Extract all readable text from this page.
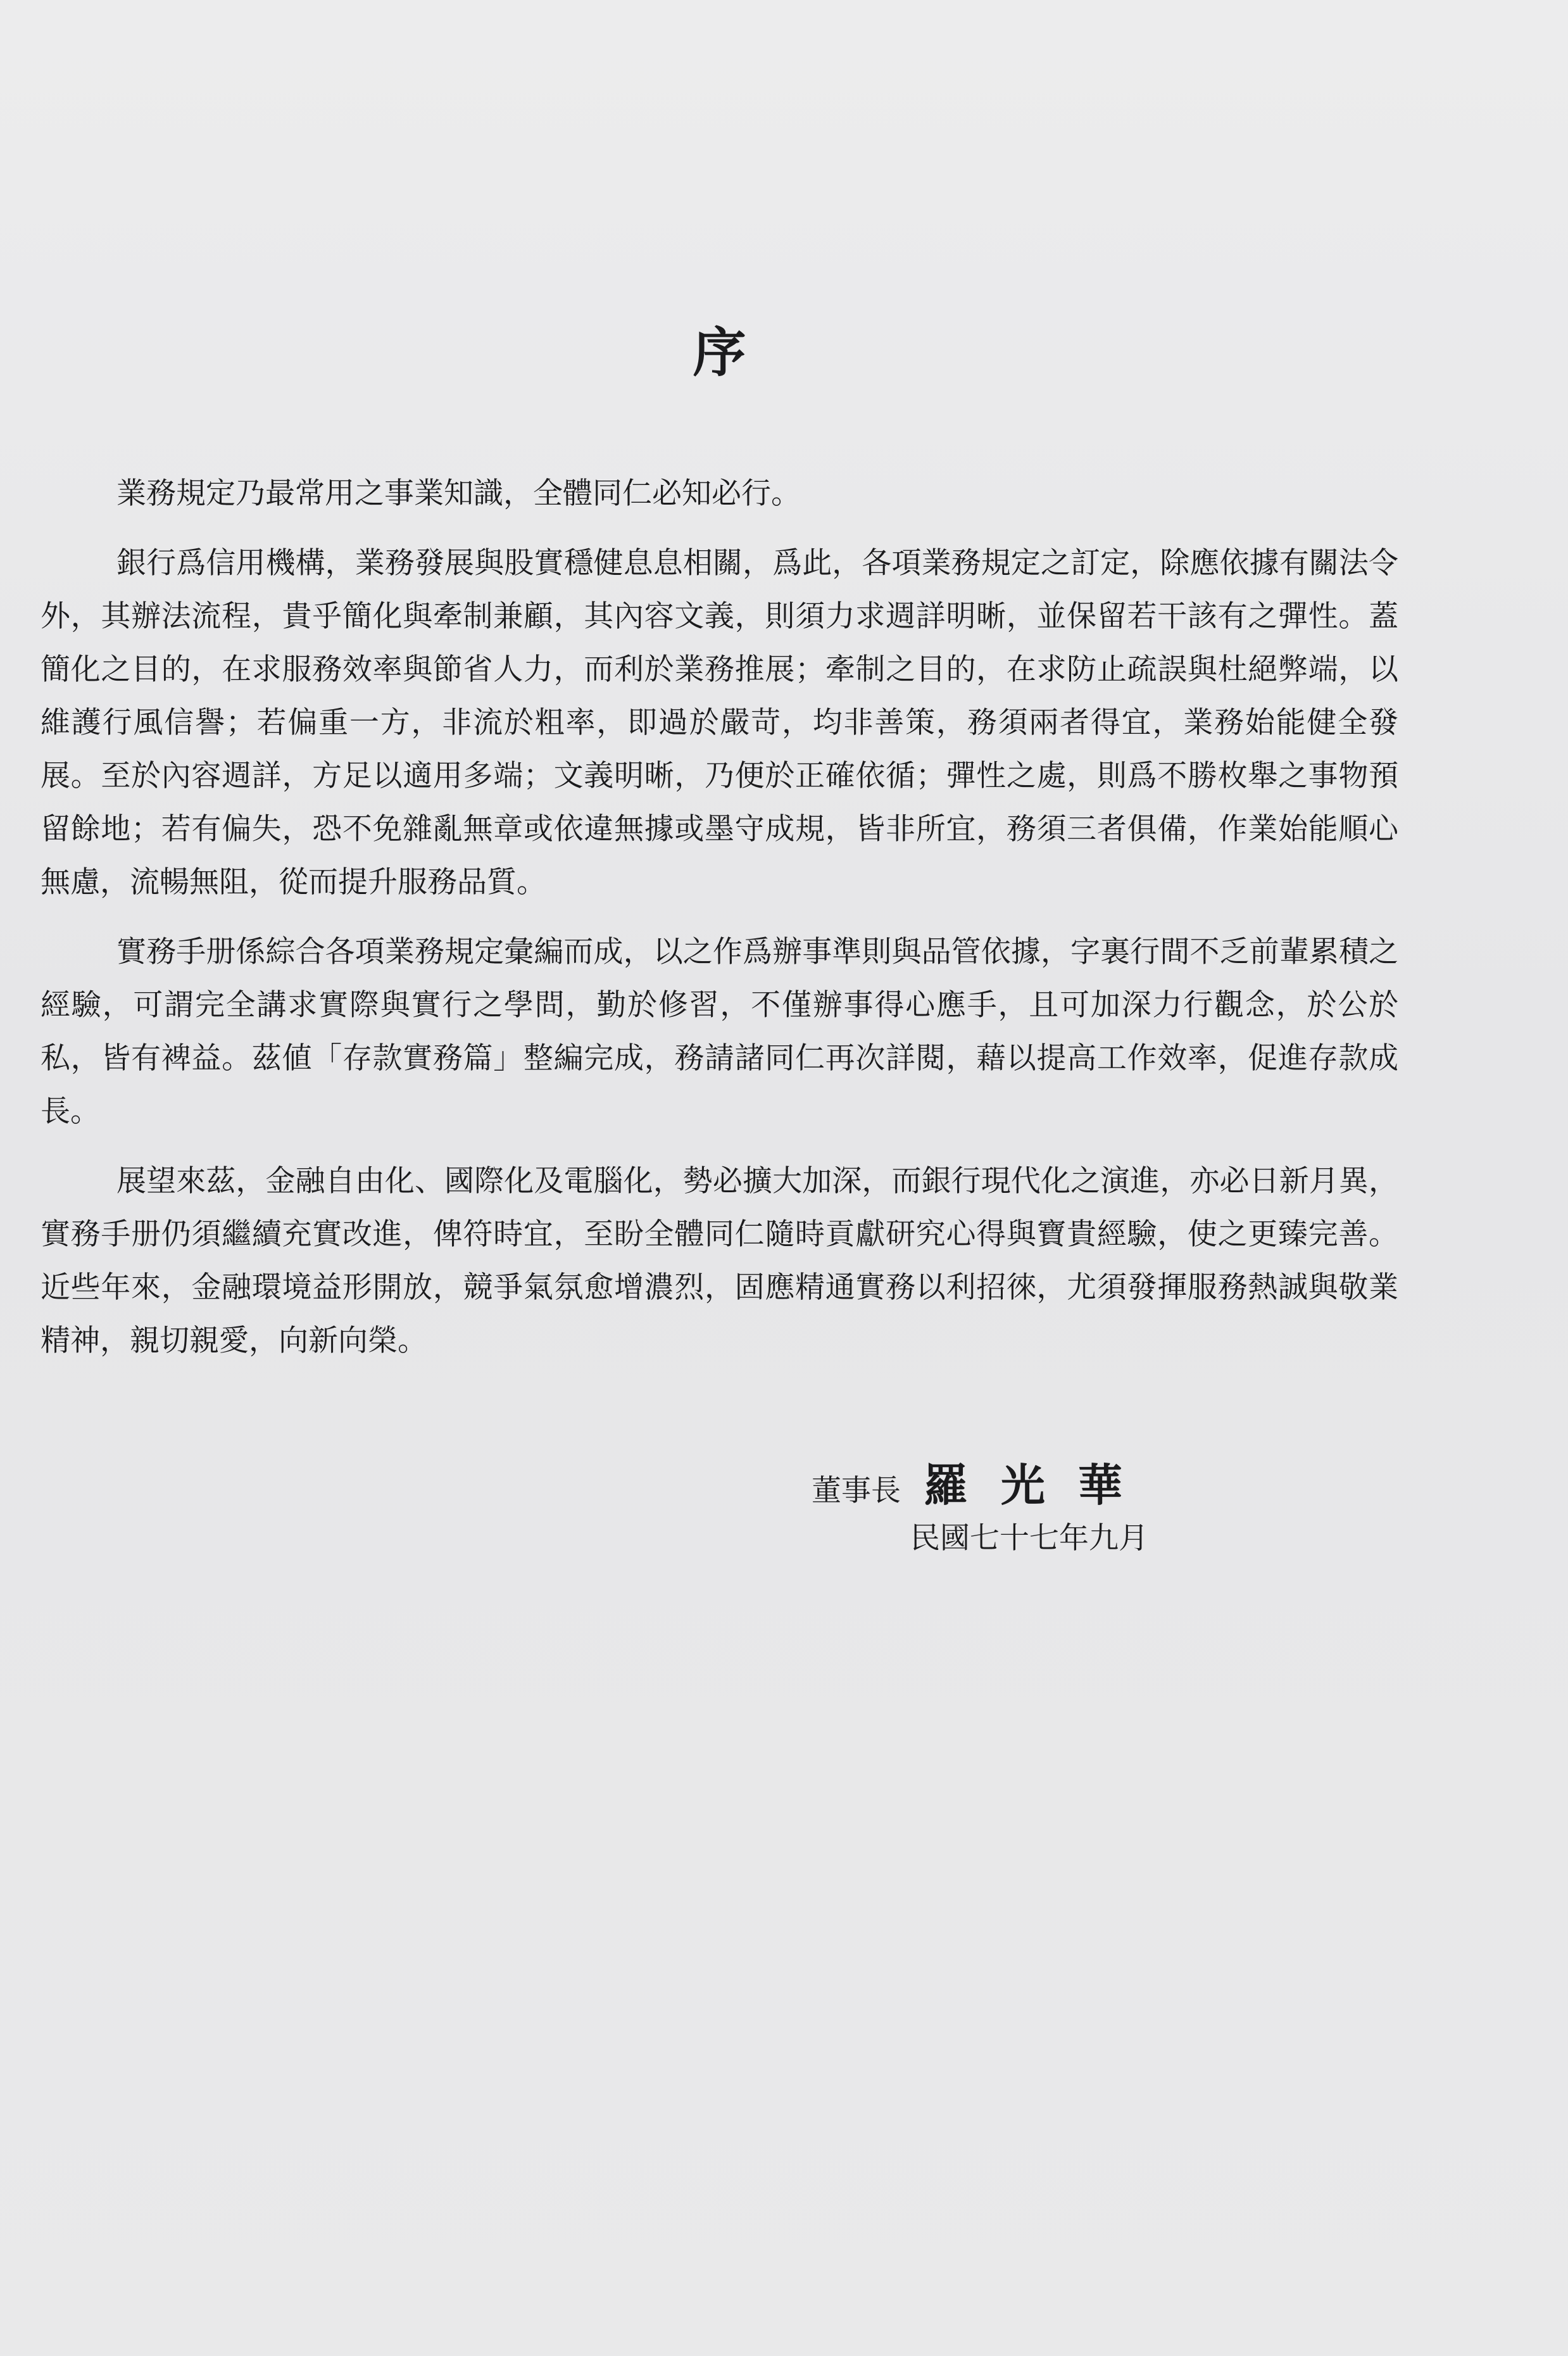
序

業務規定乃最常用之事業知識，全體同仁必知必行。

銀行爲信用機構，業務發展與股實穩健息息相關，爲此，各項業務規定之訂定，除應依據有關法令外，其辦法流程，貴乎簡化與牽制兼顧，其內容文義，則須力求週詳明晰，並保留若干該有之彈性。蓋簡化之目的，在求服務效率與節省人力，而利於業務推展；牽制之目的，在求防止疏誤與杜絕弊端，以維護行風信譽；若偏重一方，非流於粗率，即過於嚴苛，均非善策，務須兩者得宜，業務始能健全發展。至於內容週詳，方足以適用多端；文義明晰，乃便於正確依循；彈性之處，則爲不勝枚舉之事物預留餘地；若有偏失，恐不免雜亂無章或依違無據或墨守成規，皆非所宜，務須三者俱備，作業始能順心無慮，流暢無阻，從而提升服務品質。

實務手册係綜合各項業務規定彙編而成，以之作爲辦事準則與品管依據，字裏行間不乏前輩累積之經驗，可謂完全講求實際與實行之學問，勤於修習，不僅辦事得心應手，且可加深力行觀念，於公於私，皆有裨益。茲値「存款實務篇」整編完成，務請諸同仁再次詳閱，藉以提高工作效率，促進存款成長。

展望來茲，金融自由化、國際化及電腦化，勢必擴大加深，而銀行現代化之演進，亦必日新月異，實務手册仍須繼續充實改進，俾符時宜，至盼全體同仁隨時貢獻研究心得與寶貴經驗，使之更臻完善。近些年來，金融環境益形開放，競爭氣氛愈增濃烈，固應精通實務以利招徠，尤須發揮服務熱誠與敬業精神，親切親愛，向新向榮。

董事長 羅光華
民國七十七年九月
